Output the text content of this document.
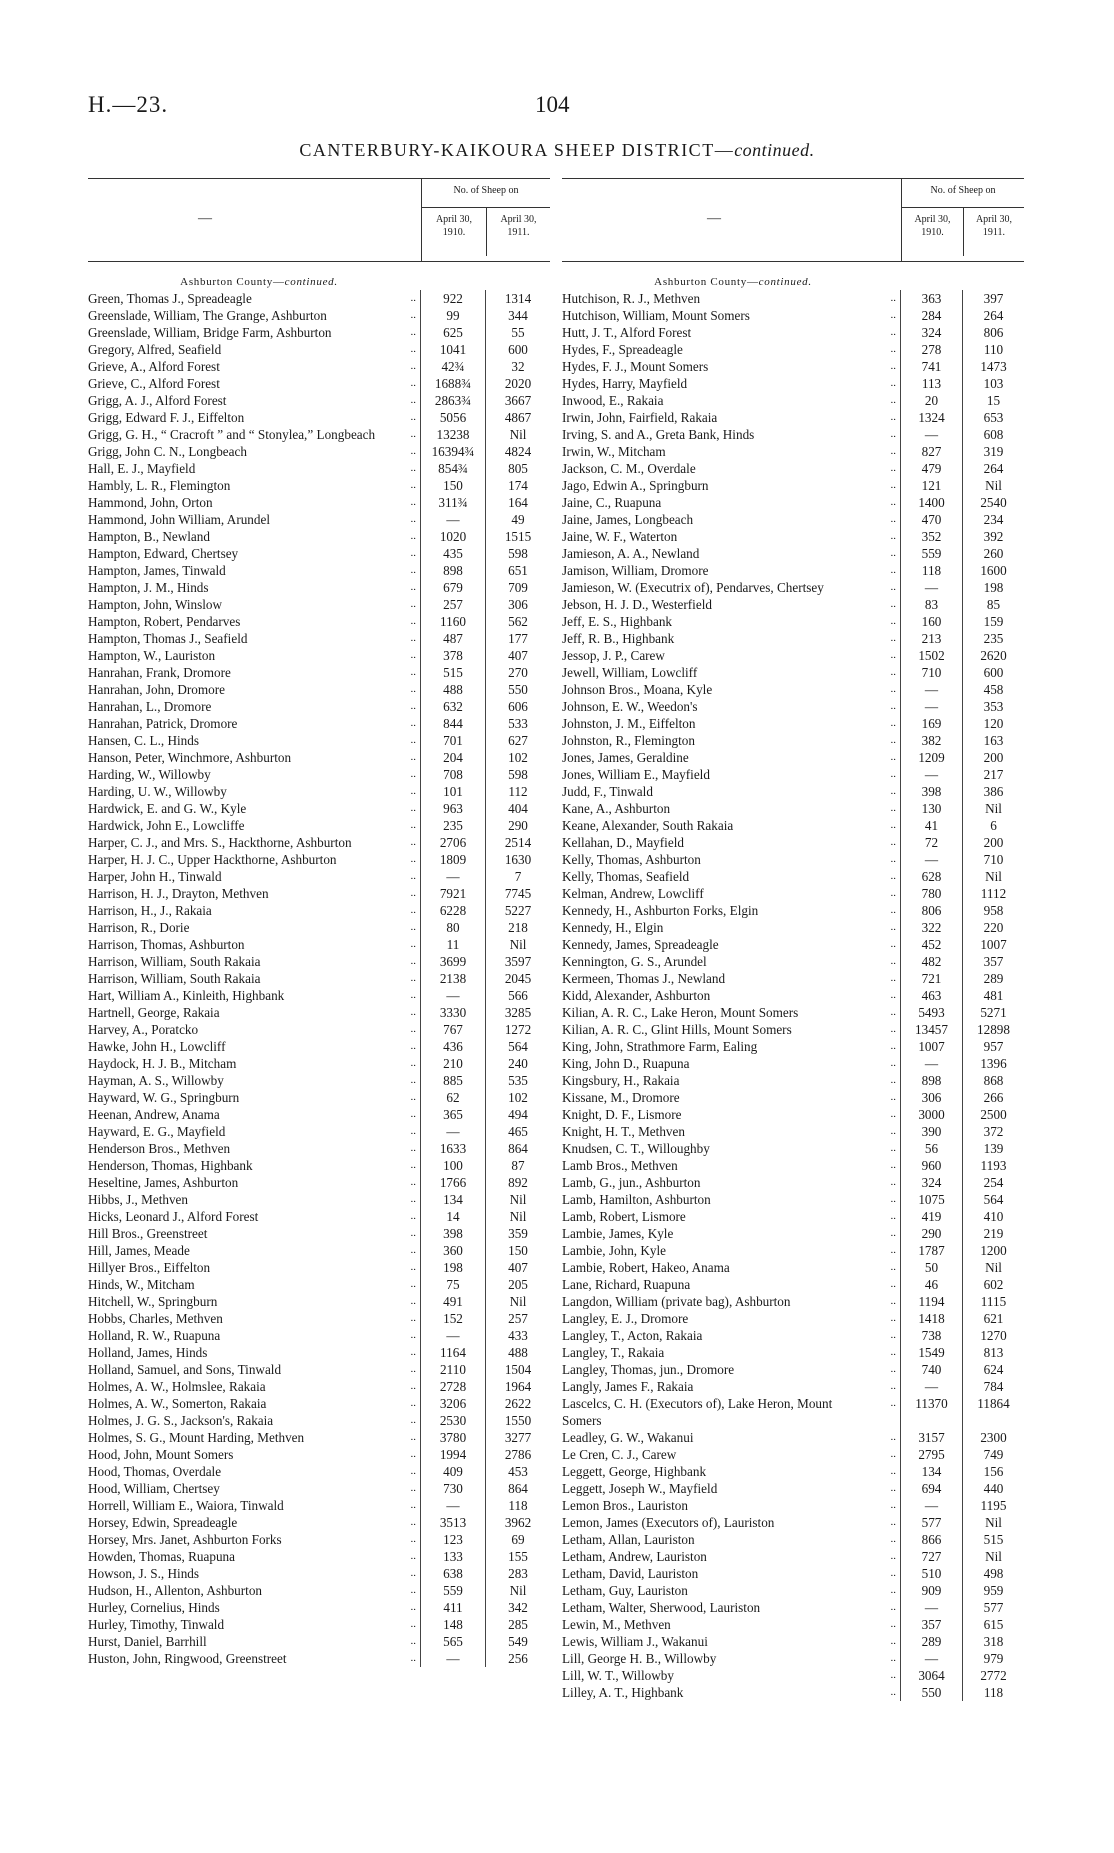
H.—23.	104
CANTERBURY-KAIKOURA SHEEP DISTRICT—continued.
—
No. of Sheep on
April 30,
1910.
April 30,
1911.
Ashburton County—continued.
Green, Thomas J., Spreadeagle	..	922	1314
Greenslade, William, The Grange, Ashburton	..	99	344
Greenslade, William, Bridge Farm, Ashburton	..	625	55
Gregory, Alfred, Seafield	..	1041	600
Grieve, A., Alford Forest	..	42¾	32
Grieve, C., Alford Forest	..	1688¾	2020
Grigg, A. J., Alford Forest	..	2863¾	3667
Grigg, Edward F. J., Eiffelton	..	5056	4867
Grigg, G. H., “ Cracroft ” and “ Stonylea,” Longbeach	..	13238	Nil
Grigg, John C. N., Longbeach	..	16394¾	4824
Hall, E. J., Mayfield	..	854¾	805
Hambly, L. R., Flemington	..	150	174
Hammond, John, Orton	..	311¾	164
Hammond, John William, Arundel	..	—	49
Hampton, B., Newland	..	1020	1515
Hampton, Edward, Chertsey	..	435	598
Hampton, James, Tinwald	..	898	651
Hampton, J. M., Hinds	..	679	709
Hampton, John, Winslow	..	257	306
Hampton, Robert, Pendarves	..	1160	562
Hampton, Thomas J., Seafield	..	487	177
Hampton, W., Lauriston	..	378	407
Hanrahan, Frank, Dromore	..	515	270
Hanrahan, John, Dromore	..	488	550
Hanrahan, L., Dromore	..	632	606
Hanrahan, Patrick, Dromore	..	844	533
Hansen, C. L., Hinds	..	701	627
Hanson, Peter, Winchmore, Ashburton	..	204	102
Harding, W., Willowby	..	708	598
Harding, U. W., Willowby	..	101	112
Hardwick, E. and G. W., Kyle	..	963	404
Hardwick, John E., Lowcliffe	..	235	290
Harper, C. J., and Mrs. S., Hackthorne, Ashburton	..	2706	2514
Harper, H. J. C., Upper Hackthorne, Ashburton	..	1809	1630
Harper, John H., Tinwald	..	—	7
Harrison, H. J., Drayton, Methven	..	7921	7745
Harrison, H., J., Rakaia	..	6228	5227
Harrison, R., Dorie	..	80	218
Harrison, Thomas, Ashburton	..	11	Nil
Harrison, William, South Rakaia	..	3699	3597
Harrison, William, South Rakaia	..	2138	2045
Hart, William A., Kinleith, Highbank	..	—	566
Hartnell, George, Rakaia	..	3330	3285
Harvey, A., Poratcko	..	767	1272
Hawke, John H., Lowcliff	..	436	564
Haydock, H. J. B., Mitcham	..	210	240
Hayman, A. S., Willowby	..	885	535
Hayward, W. G., Springburn	..	62	102
Heenan, Andrew, Anama	..	365	494
Hayward, E. G., Mayfield	..	—	465
Henderson Bros., Methven	..	1633	864
Henderson, Thomas, Highbank	..	100	87
Heseltine, James, Ashburton	..	1766	892
Hibbs, J., Methven	..	134	Nil
Hicks, Leonard J., Alford Forest	..	14	Nil
Hill Bros., Greenstreet	..	398	359
Hill, James, Meade	..	360	150
Hillyer Bros., Eiffelton	..	198	407
Hinds, W., Mitcham	..	75	205
Hitchell, W., Springburn	..	491	Nil
Hobbs, Charles, Methven	..	152	257
Holland, R. W., Ruapuna	..	—	433
Holland, James, Hinds	..	1164	488
Holland, Samuel, and Sons, Tinwald	..	2110	1504
Holmes, A. W., Holmslee, Rakaia	..	2728	1964
Holmes, A. W., Somerton, Rakaia	..	3206	2622
Holmes, J. G. S., Jackson's, Rakaia	..	2530	1550
Holmes, S. G., Mount Harding, Methven	..	3780	3277
Hood, John, Mount Somers	..	1994	2786
Hood, Thomas, Overdale	..	409	453
Hood, William, Chertsey	..	730	864
Horrell, William E., Waiora, Tinwald	..	—	118
Horsey, Edwin, Spreadeagle	..	3513	3962
Horsey, Mrs. Janet, Ashburton Forks	..	123	69
Howden, Thomas, Ruapuna	..	133	155
Howson, J. S., Hinds	..	638	283
Hudson, H., Allenton, Ashburton	..	559	Nil
Hurley, Cornelius, Hinds	..	411	342
Hurley, Timothy, Tinwald	..	148	285
Hurst, Daniel, Barrhill	..	565	549
Huston, John, Ringwood, Greenstreet	..	—	256
—
No. of Sheep on
April 30,
1910.
April 30,
1911.
Ashburton County—continued.
Hutchison, R. J., Methven	..	363	397
Hutchison, William, Mount Somers	..	284	264
Hutt, J. T., Alford Forest	..	324	806
Hydes, F., Spreadeagle	..	278	110
Hydes, F. J., Mount Somers	..	741	1473
Hydes, Harry, Mayfield	..	113	103
Inwood, E., Rakaia	..	20	15
Irwin, John, Fairfield, Rakaia	..	1324	653
Irving, S. and A., Greta Bank, Hinds	..	—	608
Irwin, W., Mitcham	..	827	319
Jackson, C. M., Overdale	..	479	264
Jago, Edwin A., Springburn	..	121	Nil
Jaine, C., Ruapuna	..	1400	2540
Jaine, James, Longbeach	..	470	234
Jaine, W. F., Waterton	..	352	392
Jamieson, A. A., Newland	..	559	260
Jamison, William, Dromore	..	118	1600
Jamieson, W. (Executrix of), Pendarves, Chertsey	..	—	198
Jebson, H. J. D., Westerfield	..	83	85
Jeff, E. S., Highbank	..	160	159
Jeff, R. B., Highbank	..	213	235
Jessop, J. P., Carew	..	1502	2620
Jewell, William, Lowcliff	..	710	600
Johnson Bros., Moana, Kyle	..	—	458
Johnson, E. W., Weedon's	..	—	353
Johnston, J. M., Eiffelton	..	169	120
Johnston, R., Flemington	..	382	163
Jones, James, Geraldine	..	1209	200
Jones, William E., Mayfield	..	—	217
Judd, F., Tinwald	..	398	386
Kane, A., Ashburton	..	130	Nil
Keane, Alexander, South Rakaia	..	41	6
Kellahan, D., Mayfield	..	72	200
Kelly, Thomas, Ashburton	..	—	710
Kelly, Thomas, Seafield	..	628	Nil
Kelman, Andrew, Lowcliff	..	780	1112
Kennedy, H., Ashburton Forks, Elgin	..	806	958
Kennedy, H., Elgin	..	322	220
Kennedy, James, Spreadeagle	..	452	1007
Kennington, G. S., Arundel	..	482	357
Kermeen, Thomas J., Newland	..	721	289
Kidd, Alexander, Ashburton	..	463	481
Kilian, A. R. C., Lake Heron, Mount Somers	..	5493	5271
Kilian, A. R. C., Glint Hills, Mount Somers	..	13457	12898
King, John, Strathmore Farm, Ealing	..	1007	957
King, John D., Ruapuna	..	—	1396
Kingsbury, H., Rakaia	..	898	868
Kissane, M., Dromore	..	306	266
Knight, D. F., Lismore	..	3000	2500
Knight, H. T., Methven	..	390	372
Knudsen, C. T., Willoughby	..	56	139
Lamb Bros., Methven	..	960	1193
Lamb, G., jun., Ashburton	..	324	254
Lamb, Hamilton, Ashburton	..	1075	564
Lamb, Robert, Lismore	..	419	410
Lambie, James, Kyle	..	290	219
Lambie, John, Kyle	..	1787	1200
Lambie, Robert, Hakeo, Anama	..	50	Nil
Lane, Richard, Ruapuna	..	46	602
Langdon, William (private bag), Ashburton	..	1194	1115
Langley, E. J., Dromore	..	1418	621
Langley, T., Acton, Rakaia	..	738	1270
Langley, T., Rakaia	..	1549	813
Langley, Thomas, jun., Dromore	..	740	624
Langly, James F., Rakaia	..	—	784
Lascelcs, C. H. (Executors of), Lake Heron, Mount Somers
..	11370	11864
Leadley, G. W., Wakanui	..	3157	2300
Le Cren, C. J., Carew	..	2795	749
Leggett, George, Highbank	..	134	156
Leggett, Joseph W., Mayfield	..	694	440
Lemon Bros., Lauriston	..	—	1195
Lemon, James (Executors of), Lauriston	..	577	Nil
Letham, Allan, Lauriston	..	866	515
Letham, Andrew, Lauriston	..	727	Nil
Letham, David, Lauriston	..	510	498
Letham, Guy, Lauriston	..	909	959
Letham, Walter, Sherwood, Lauriston	..	—	577
Lewin, M., Methven	..	357	615
Lewis, William J., Wakanui	..	289	318
Lill, George H. B., Willowby	..	—	979
Lill, W. T., Willowby	..	3064	2772
Lilley, A. T., Highbank	..	550	118
